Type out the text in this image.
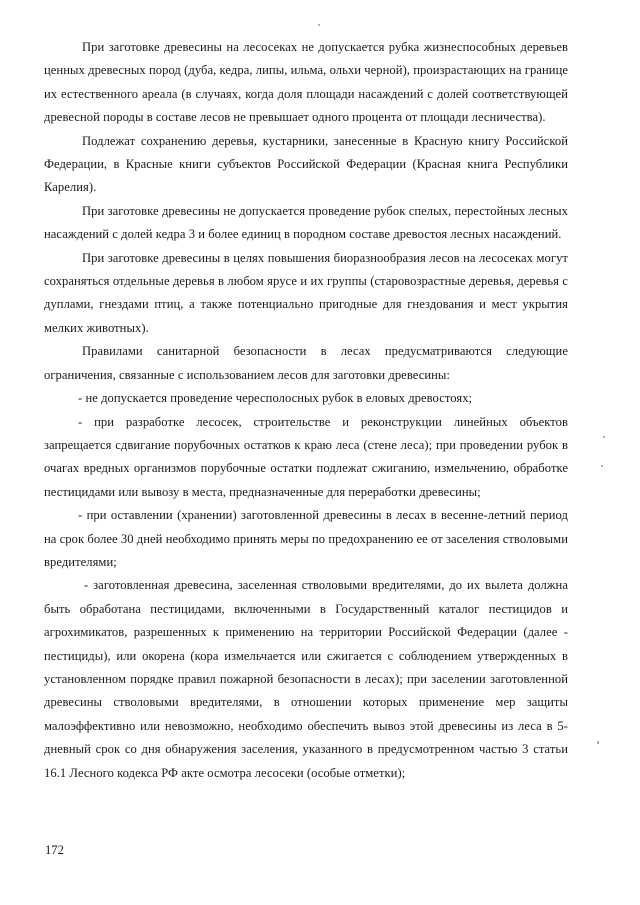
При заготовке древесины на лесосеках не допускается рубка жизнеспособных деревьев ценных древесных пород (дуба, кедра, липы, ильма, ольхи черной), произрастающих на границе их естественного ареала (в случаях, когда доля площади насаждений с долей соответствующей древесной породы в составе лесов не превышает одного процента от площади лесничества).

Подлежат сохранению деревья, кустарники, занесенные в Красную книгу Российской Федерации, в Красные книги субъектов Российской Федерации (Красная книга Республики Карелия).

При заготовке древесины не допускается проведение рубок спелых, перестойных лесных насаждений с долей кедра 3 и более единиц в породном составе древостоя лесных насаждений.

При заготовке древесины в целях повышения биоразнообразия лесов на лесосеках могут сохраняться отдельные деревья в любом ярусе и их группы (старовозрастные деревья, деревья с дуплами, гнездами птиц, а также потенциально пригодные для гнездования и мест укрытия мелких животных).

Правилами санитарной безопасности в лесах предусматриваются следующие ограничения, связанные с использованием лесов для заготовки древесины:

- не допускается проведение чересполосных рубок в еловых древостоях;

- при разработке лесосек, строительстве и реконструкции линейных объектов запрещается сдвигание порубочных остатков к краю леса (стене леса); при проведении рубок в очагах вредных организмов порубочные остатки подлежат сжиганию, измельчению, обработке пестицидами или вывозу в места, предназначенные для переработки древесины;

- при оставлении (хранении) заготовленной древесины в лесах в весенне-летний период на срок более 30 дней необходимо принять меры по предохранению ее от заселения стволовыми вредителями;

- заготовленная древесина, заселенная стволовыми вредителями, до их вылета должна быть обработана пестицидами, включенными в Государственный каталог пестицидов и агрохимикатов, разрешенных к применению на территории Российской Федерации (далее - пестициды), или окорена (кора измельчается или сжигается с соблюдением утвержденных в установленном порядке правил пожарной безопасности в лесах); при заселении заготовленной древесины стволовыми вредителями, в отношении которых применение мер защиты малоэффективно или невозможно, необходимо обеспечить вывоз этой древесины из леса в 5-дневный срок со дня обнаружения заселения, указанного в предусмотренном частью 3 статьи 16.1 Лесного кодекса РФ акте осмотра лесосеки (особые отметки);

172
